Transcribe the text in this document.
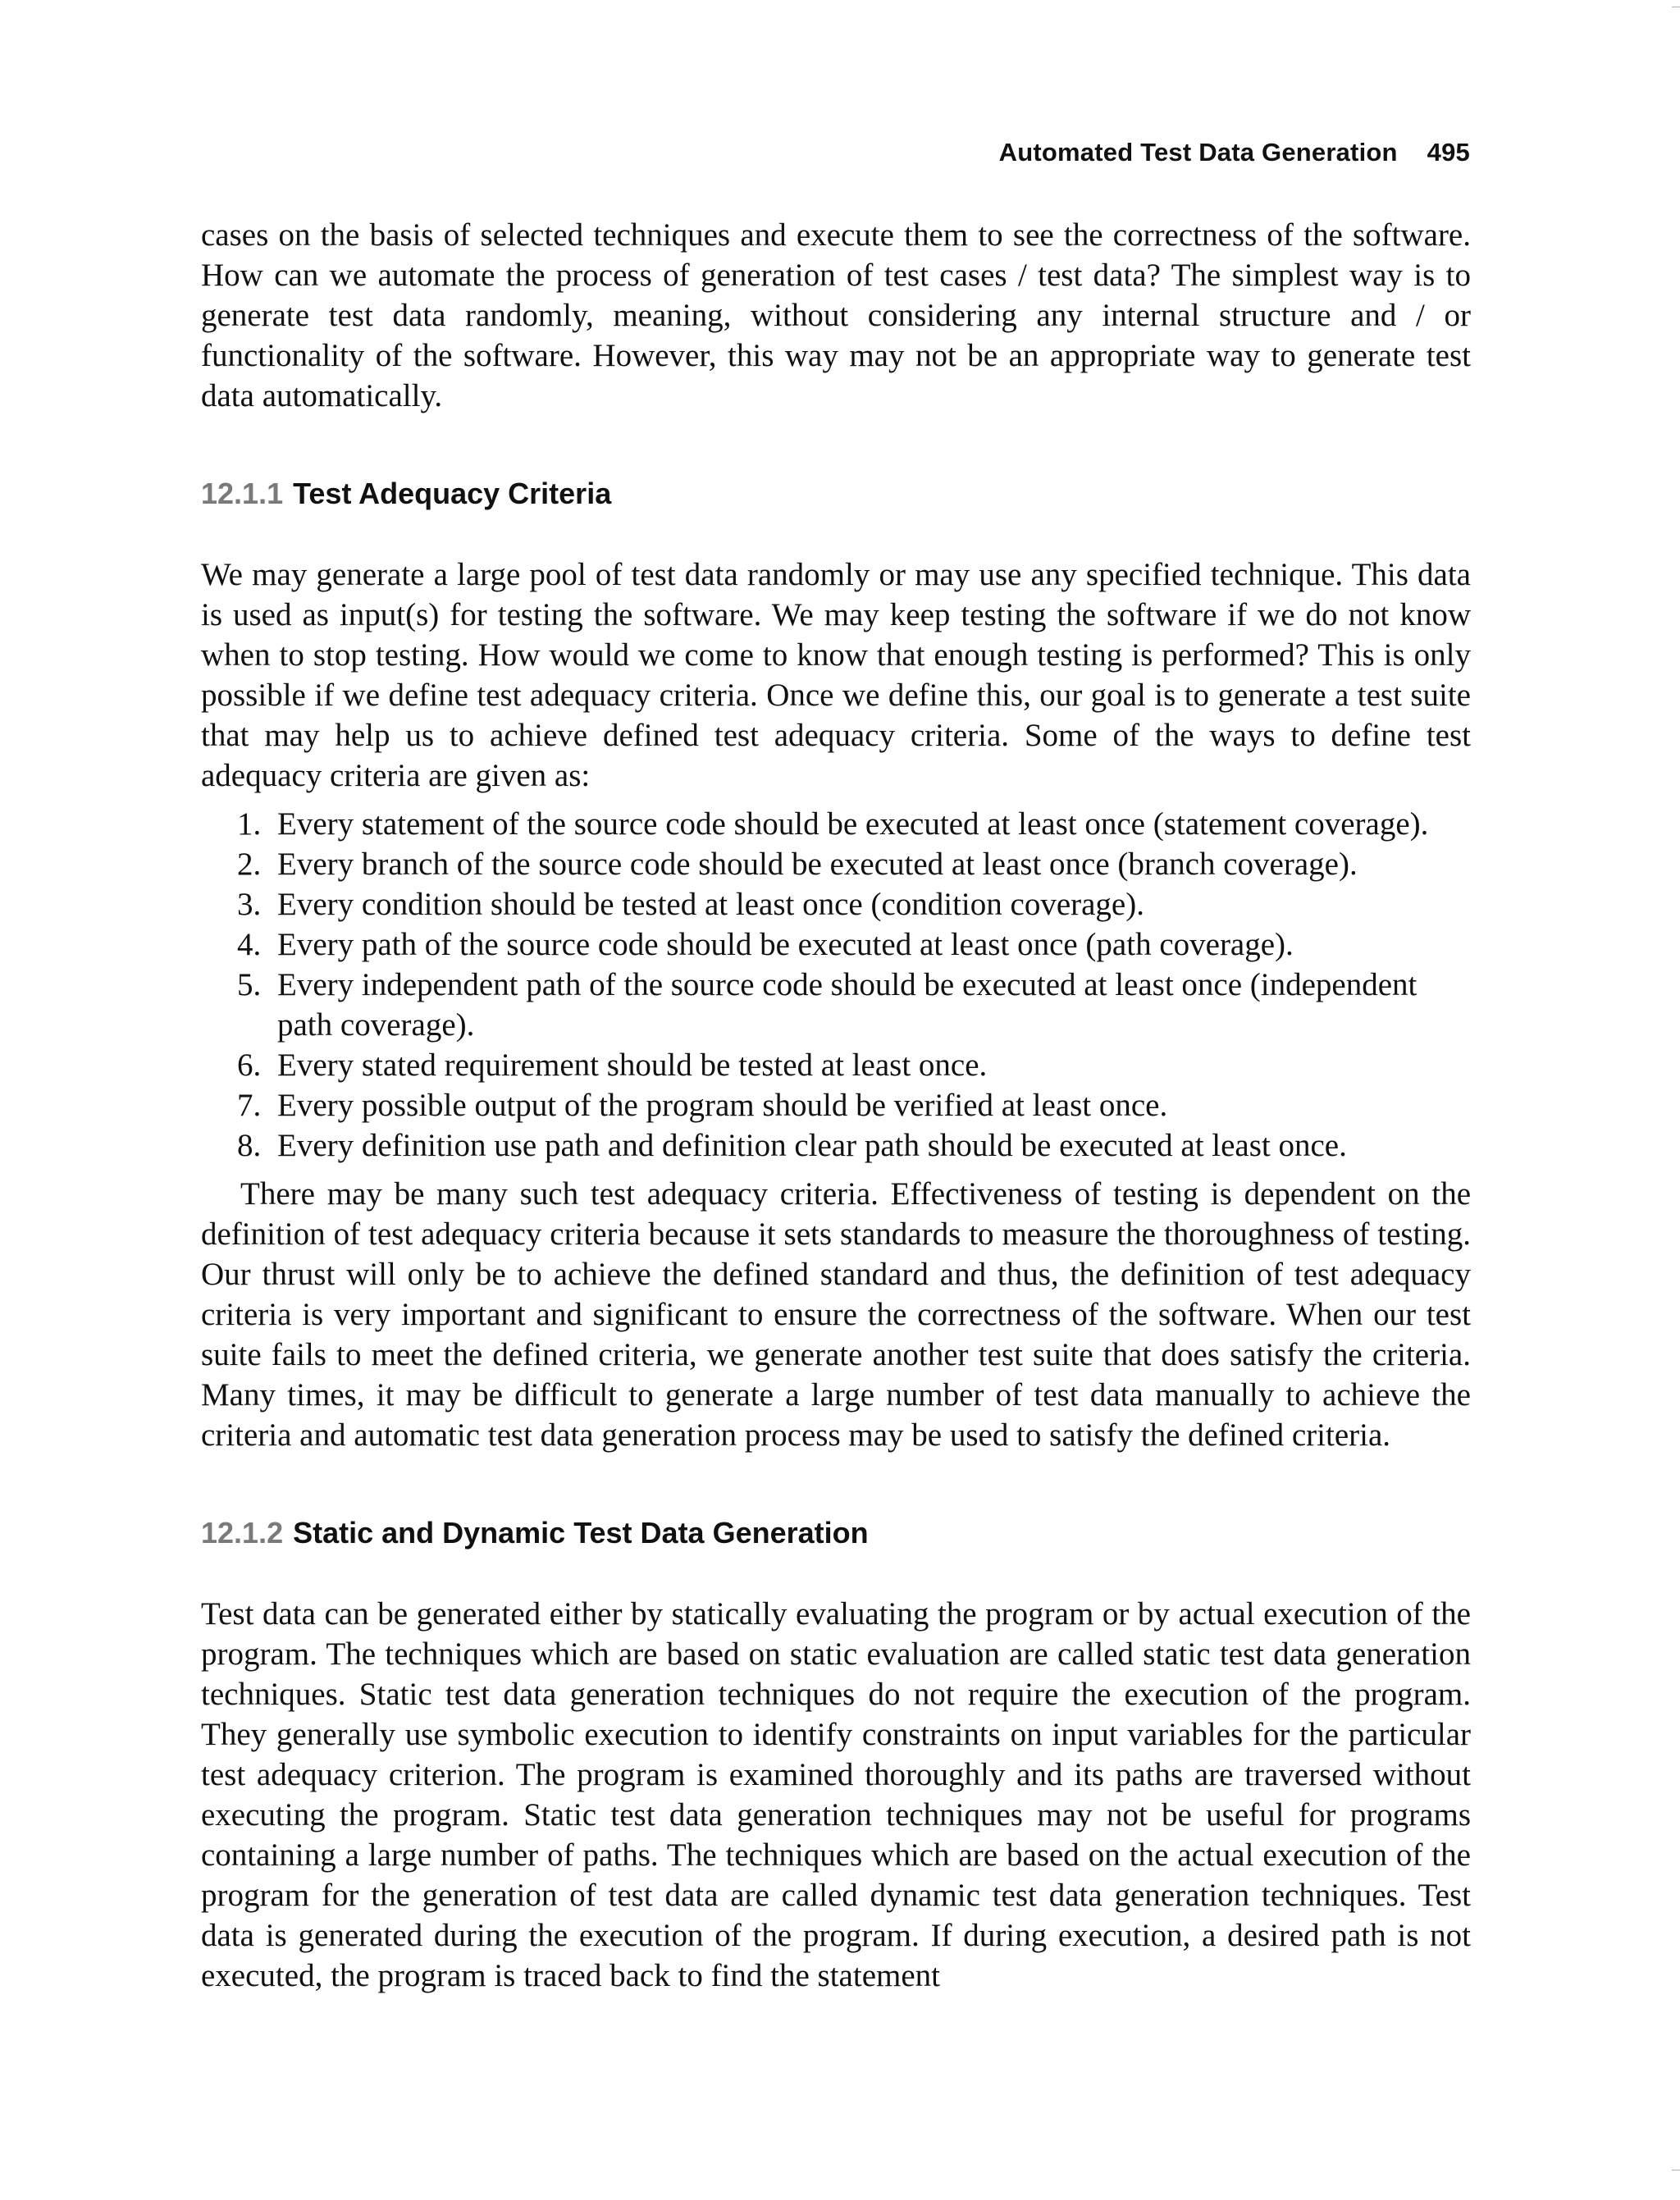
Automated Test Data Generation 495

cases on the basis of selected techniques and execute them to see the correctness of the software. How can we automate the process of generation of test cases / test data? The simplest way is to generate test data randomly, meaning, without considering any internal structure and / or functionality of the software. However, this way may not be an appropriate way to generate test data automatically.

12.1.1 Test Adequacy Criteria

We may generate a large pool of test data randomly or may use any specified technique. This data is used as input(s) for testing the software. We may keep testing the software if we do not know when to stop testing. How would we come to know that enough testing is performed? This is only possible if we define test adequacy criteria. Once we define this, our goal is to generate a test suite that may help us to achieve defined test adequacy criteria. Some of the ways to define test adequacy criteria are given as:

1. Every statement of the source code should be executed at least once (statement coverage).
2. Every branch of the source code should be executed at least once (branch coverage).
3. Every condition should be tested at least once (condition coverage).
4. Every path of the source code should be executed at least once (path coverage).
5. Every independent path of the source code should be executed at least once (independent path coverage).
6. Every stated requirement should be tested at least once.
7. Every possible output of the program should be verified at least once.
8. Every definition use path and definition clear path should be executed at least once.

There may be many such test adequacy criteria. Effectiveness of testing is dependent on the definition of test adequacy criteria because it sets standards to measure the thoroughness of testing. Our thrust will only be to achieve the defined standard and thus, the definition of test adequacy criteria is very important and significant to ensure the correctness of the software. When our test suite fails to meet the defined criteria, we generate another test suite that does satisfy the criteria. Many times, it may be difficult to generate a large number of test data manually to achieve the criteria and automatic test data generation process may be used to satisfy the defined criteria.

12.1.2 Static and Dynamic Test Data Generation

Test data can be generated either by statically evaluating the program or by actual execution of the program. The techniques which are based on static evaluation are called static test data generation techniques. Static test data generation techniques do not require the execution of the program. They generally use symbolic execution to identify constraints on input variables for the particular test adequacy criterion. The program is examined thoroughly and its paths are traversed without executing the program. Static test data generation techniques may not be useful for programs containing a large number of paths. The techniques which are based on the actual execution of the program for the generation of test data are called dynamic test data generation techniques. Test data is generated during the execution of the program. If during execution, a desired path is not executed, the program is traced back to find the statement
